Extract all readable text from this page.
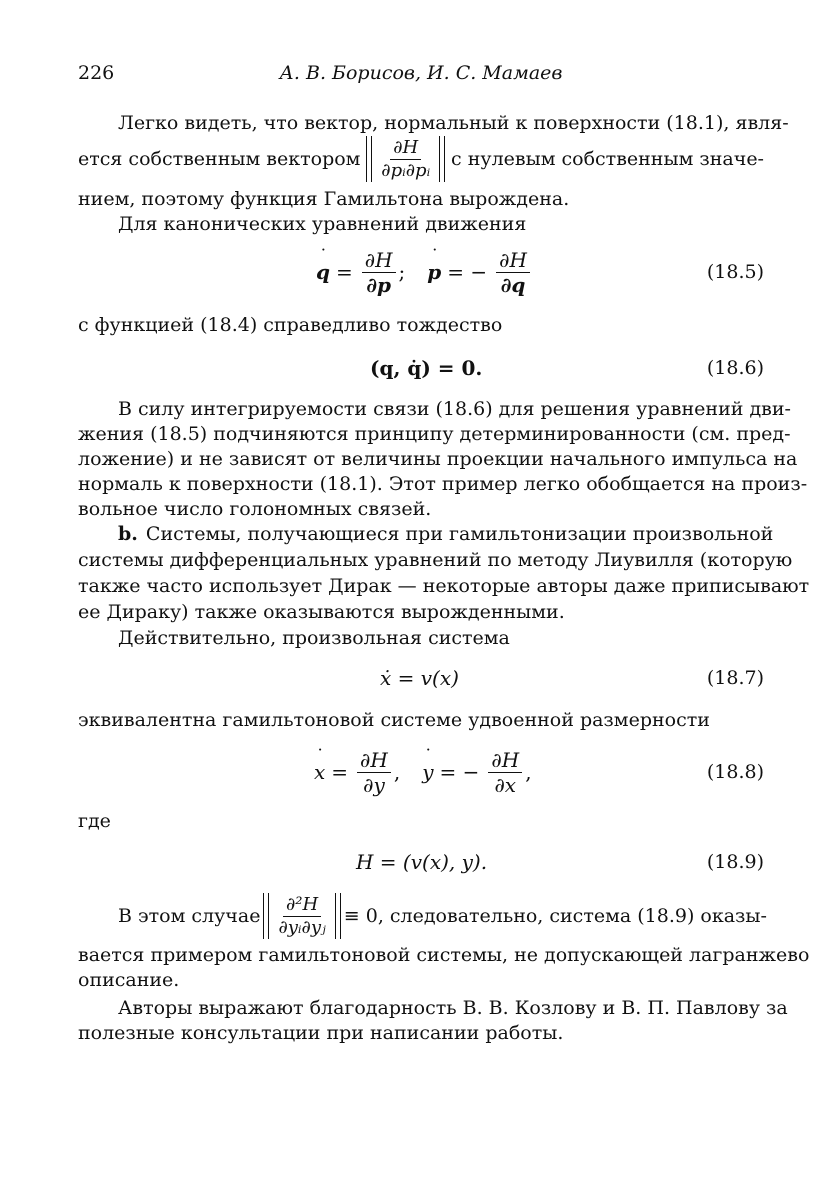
226	А. В. Борисов, И. С. Мамаев
Легко видеть, что вектор, нормальный к поверхности (18.1), явля-
ется собственным вектором $\frac{\partial H}{\text{∂pᵢ∂pᵢ}}$ с нулевым собственным значе-
нием, поэтому функция Гамильтона вырождена.
Для канонических уравнений движения
q ˙ = $\frac{\partial H}{\partial p}$ ; p ˙ = − $\frac{\partial H}{\partial q}$	(18.5)
с функцией (18.4) справедливо тождество
(q, q̇) = 0.	(18.6)
В силу интегрируемости связи (18.6) для решения уравнений дви-
жения (18.5) подчиняются принципу детерминированности (см. пред-
ложение) и не зависят от величины проекции начального импульса на
нормаль к поверхности (18.1). Этот пример легко обобщается на произ-
вольное число голономных связей.
b. Системы, получающиеся при гамильтонизации произвольной
системы дифференциальных уравнений по методу Лиувилля (которую
также часто использует Дирак — некоторые авторы даже приписывают
ее Дираку) также оказываются вырожденными.
Действительно, произвольная система
ẋ = v(x)	(18.7)
эквивалентна гамильтоновой системе удвоенной размерности
x ˙ = $\frac{\partial H}{\partial y}$ , y ˙ = − $\frac{\partial H}{\partial x}$ ,	(18.8)
где
H = (v(x), y).	(18.9)
В этом случае $\frac{\text{∂²H}}{\text{∂yᵢ∂yⱼ}} \equiv 0$, следовательно, система (18.9) оказы-
вается примером гамильтоновой системы, не допускающей лагранжево
описание.
Авторы выражают благодарность В. В. Козлову и В. П. Павлову за
полезные консультации при написании работы.
